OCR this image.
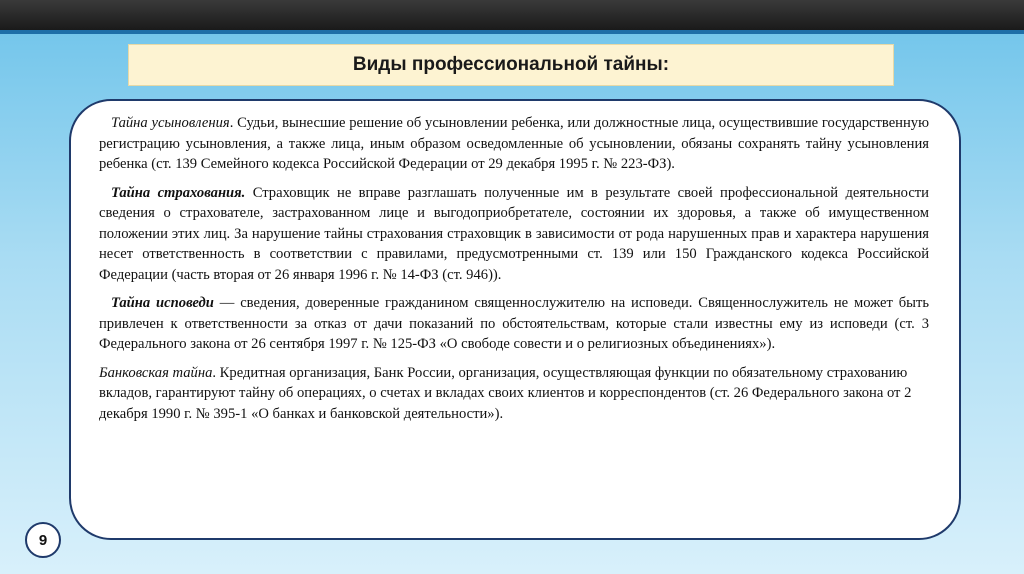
Виды профессиональной тайны:

Тайна усыновления. Судьи, вынесшие решение об усыновлении ребенка, или должностные лица, осуществившие государственную регистрацию усыновления, а также лица, иным образом осведомленные об усыновлении, обязаны сохранять тайну усыновления ребенка (ст. 139 Семейного кодекса Российской Федерации от 29 декабря 1995 г. № 223-ФЗ).

Тайна страхования. Страховщик не вправе разглашать полученные им в результате своей профессиональной деятельности сведения о страхователе, застрахованном лице и выгодоприобретателе, состоянии их здоровья, а также об имущественном положении этих лиц. За нарушение тайны страхования страховщик в зависимости от рода нарушенных прав и характера нарушения несет ответственность в соответствии с правилами, предусмотренными ст. 139 или 150 Гражданского кодекса Российской Федерации (часть вторая от 26 января 1996 г. № 14-ФЗ (ст. 946)).

Тайна исповеди — сведения, доверенные гражданином священнослужителю на исповеди. Священнослужитель не может быть привлечен к ответственности за отказ от дачи показаний по обстоятельствам, которые стали известны ему из исповеди (ст. 3 Федерального закона от 26 сентября 1997 г. № 125-ФЗ «О свободе совести и о религиозных объединениях»).

Банковская тайна. Кредитная организация, Банк России, организация, осуществляющая функции по обязательному страхованию вкладов, гарантируют тайну об операциях, о счетах и вкладах своих клиентов и корреспондентов (ст. 26 Федерального закона от 2 декабря 1990 г. № 395-1 «О банках и банковской деятельности»).

9
